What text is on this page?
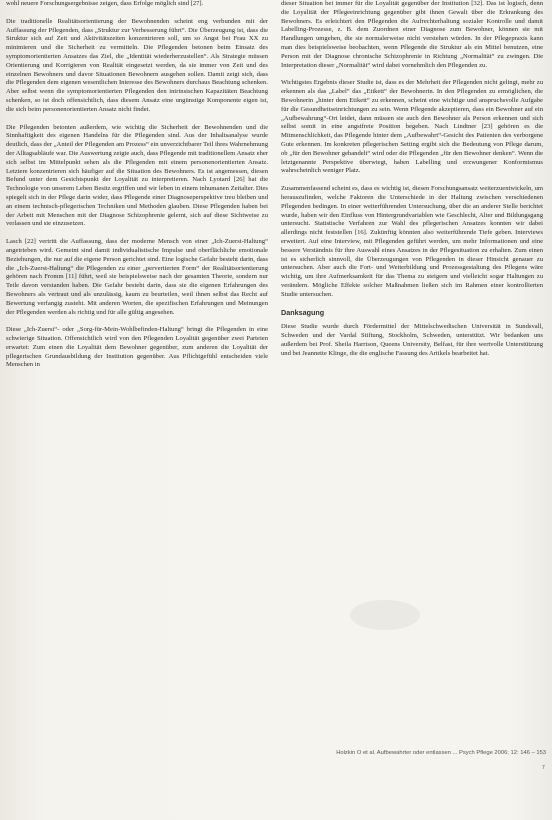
wohl neuere Forschungsergebnisse zeigen, dass Erfolge möglich sind [27].

Die traditionelle Realitätsorientierung der Bewohnenden scheint eng verbunden mit der Auffassung der Pflegenden, dass „Struktur zur Verbesserung führt“. Die Überzeugung ist, dass die Struktur sich auf Zeit und Aktivitätszeiten konzentrieren soll, um so Angst bei Frau XX zu minimieren und die Sicherheit zu vermitteln. Die Pflegenden betonen beim Einsatz des symptomorientierten Ansatzes das Ziel, die „Identität wiederherzustellen“. Als Strategie müssen Orientierung und Korrigieren von Realität eingesetzt werden, da sie immer von Zeit und des einzelnen Bewohners und davor Situationen Bewohnern ausgehen sollen. Damit zeigt sich, dass die Pflegenden dem eigenen wesentlichen Interesse des Bewohners durchaus Beachtung schenken. Aber selbst wenn die symptomorientierten Pflegenden den intrinsischen Kapazitäten Beachtung schenken, so ist doch offensichtlich, dass diesem Ansatz eine ungünstige Komponente eigen ist, die sich beim personenorientierten Ansatz nicht findet.

Die Pflegenden betonten außerdem, wie wichtig die Sicherheit der Bewohnenden und die Sinnhaftigkeit des eigenen Handelns für die Pflegenden sind. Aus der Inhaltsanalyse wurde deutlich, dass der „Anteil der Pflegenden am Prozess“ ein unverzichtbarer Teil ihres Wahrnehmung der Alltagsabläufe war. Die Auswertung zeigte auch, dass Pflegende mit traditionellem Ansatz eher sich selbst im Mittelpunkt sehen als die Pflegenden mit einem personenorientierten Ansatz. Letztere konzentrieren sich häufiger auf die Situation des Bewohners. Es ist angemessen, diesen Befund unter dem Gesichtspunkt der Loyalität zu interpretieren. Nach Lyotard [26] hat die Technologie von unserem Leben Besitz ergriffen und wir leben in einem inhumanen Zeitalter. Dies spiegelt sich in der Pflege darin wider, dass Pflegende einer Diagnoseperspektive treu bleiben und an einem technisch-pflegerischen Techniken und Methoden glauben. Diese Pflegenden haben bei der Arbeit mit Menschen mit der Diagnose Schizophrenie gelernt, sich auf diese Sichtweise zu verlassen und sie einzusetzen.

Lasch [22] vertritt die Auffassung, dass der moderne Mensch von einer „Ich-Zuerst-Haltung“ angetrieben wird. Gemeint sind damit individualistische Impulse und oberflächliche emotionale Beziehungen, die nur auf die eigene Person gerichtet sind. Eine logische Gefahr besteht darin, dass die „Ich-Zuerst-Haltung“ die Pflegenden zu einer „pervertierten Form“ der Realitätsorientierung gehören nach Fromm [11] führt, weil sie beispielsweise nach der gesamten Theorie, sondern nur Teile davon verstanden haben. Die Gefahr besteht darin, dass sie die eigenen Erfahrungen des Bewohners als vertraut und als unzulässig, kaum zu beurteilen, weil ihnen selbst das Recht auf Bewertung verfangig zusteht. Mit anderen Worten, die spezifischen Erfahrungen und Meinungen der Pflegenden werden als richtig und für alle gültig angesehen.

Diese „Ich-Zuerst“- oder „Sorg-für-Mein-Wohlbefinden-Haltung“ bringt die Pflegenden in eine schwierige Situation. Offensichtlich wird von den Pflegenden Loyalität gegenüber zwei Parteien erwartet: Zum einen die Loyalität dem Bewohner gegenüber, zum anderen die Loyalität der pflegerischen Grundausbildung der Institution gegenüber. Aus Pflichtgefühl entscheiden viele Menschen in

dieser Situation bei immer für die Loyalität gegenüber der Institution [32]. Das ist logisch, denn die Loyalität der Pflegeeinrichtung gegenüber gibt ihnen Gewalt über die Erkrankung des Bewohners. Es erleichtert den Pflegenden die Aufrechterhaltung sozialer Kontrolle und damit Labelling-Prozesse, z. B. dem Zuordnen einer Diagnose zum Bewohner, können sie mit Handlungen umgehen, die sie normalerweise nicht verstehen würden. In der Pflegepraxis kann man dies beispielsweise beobachten, wenn Pflegende die Struktur als ein Mittel benutzen, eine Person mit der Diagnose chronische Schizophrenie in Richtung „Normalität“ zu zwingen. Die Interpretation dieser „Normalität“ wird dabei vornehmlich den Pflegenden zu.

Wichtigstes Ergebnis dieser Studie ist, dass es der Mehrheit der Pflegenden nicht gelingt, mehr zu erkennen als das „Label“ das „Etikett“ der Bewohnerin. In den Pflegenden zu ermöglichen, die Bewohnerin „hinter dem Etikett“ zu erkennen, scheint eine wichtige und anspruchsvolle Aufgabe für die Gesundheitseinrichtungen zu sein. Wenn Pflegende akzeptieren, dass ein Bewohner auf ein „Aufbewahrung“-Ort leidet, dann müssen sie auch den Bewohner als Person erkennen und sich selbst somit in eine angstfreie Position begeben. Nach Lindtner [23] gehören es die Mitmenschlichkeit, das Pflegende hinter dem „Aufbewahrt“-Gesicht des Patienten des verborgene Gute erkennen. Im konkreten pflegerischen Setting ergibt sich die Bedeutung von Pflege darum, ob „für den Bewohner gehandelt“ wird oder die Pflegenden „für den Bewohner denken“. Wenn die letztgenannte Perspektive überwiegt, haben Labelling und erzwungener Konformismus wahrscheinlich weniger Platz.

Zusammenfassend scheint es, dass es wichtig ist, diesen Forschungsansatz weiterzuentwickeln, um herauszufinden, welche Faktoren die Unterschiede in der Haltung zwischen verschiedenen Pflegenden bedingen. In einer weiterführenden Untersuchung, über die an anderer Stelle berichtet wurde, haben wir den Einfluss von Hintergrundvariablen wie Geschlecht, Alter und Bildungsgang untersucht. Statistische Verfahren zur Wahl des pflegerischen Ansatzes konnten wir dabei allerdings nicht feststellen [16]. Zukünftig könnten also weiterführende Tiefe geben. Interviews erweitert. Auf eine Interview, mit Pflegenden geführt werden, um mehr Informationen und eine bessere Verständnis für ihre Auswahl eines Ansatzes in der Pflegesituation zu erhalten. Zum einen ist es sicherlich sinnvoll, die Überzeugungen von Pflegenden in dieser Hinsicht genauer zu untersuchen. Aber auch die Fort- und Weiterbildung und Prozessgestaltung des Pflegens wäre wichtig, um ihre Aufmerksamkeit für das Thema zu steigern und vielleicht sogar Haltungen zu verändern. Mögliche Effekte solcher Maßnahmen ließen sich im Rahmen einer kontrollierten Studie untersuchen.

Danksagung

Diese Studie wurde durch Fördermittel der Mittelschwedischen Universität in Sundsvall, Schweden und der Vardal Stiftung, Stockholm, Schweden, unterstützt. Wir bedanken uns außerdem bei Prof. Sheila Harrison, Queens University, Belfast, für ihre wertvolle Unterstützung und bei Jeannette Klinge, die die englische Fassung des Artikels bearbeitet hat.

Holzkin O et al. Aufbewahrter oder entlassen ... Psych Pflege 2006; 12: 146 – 153
7
